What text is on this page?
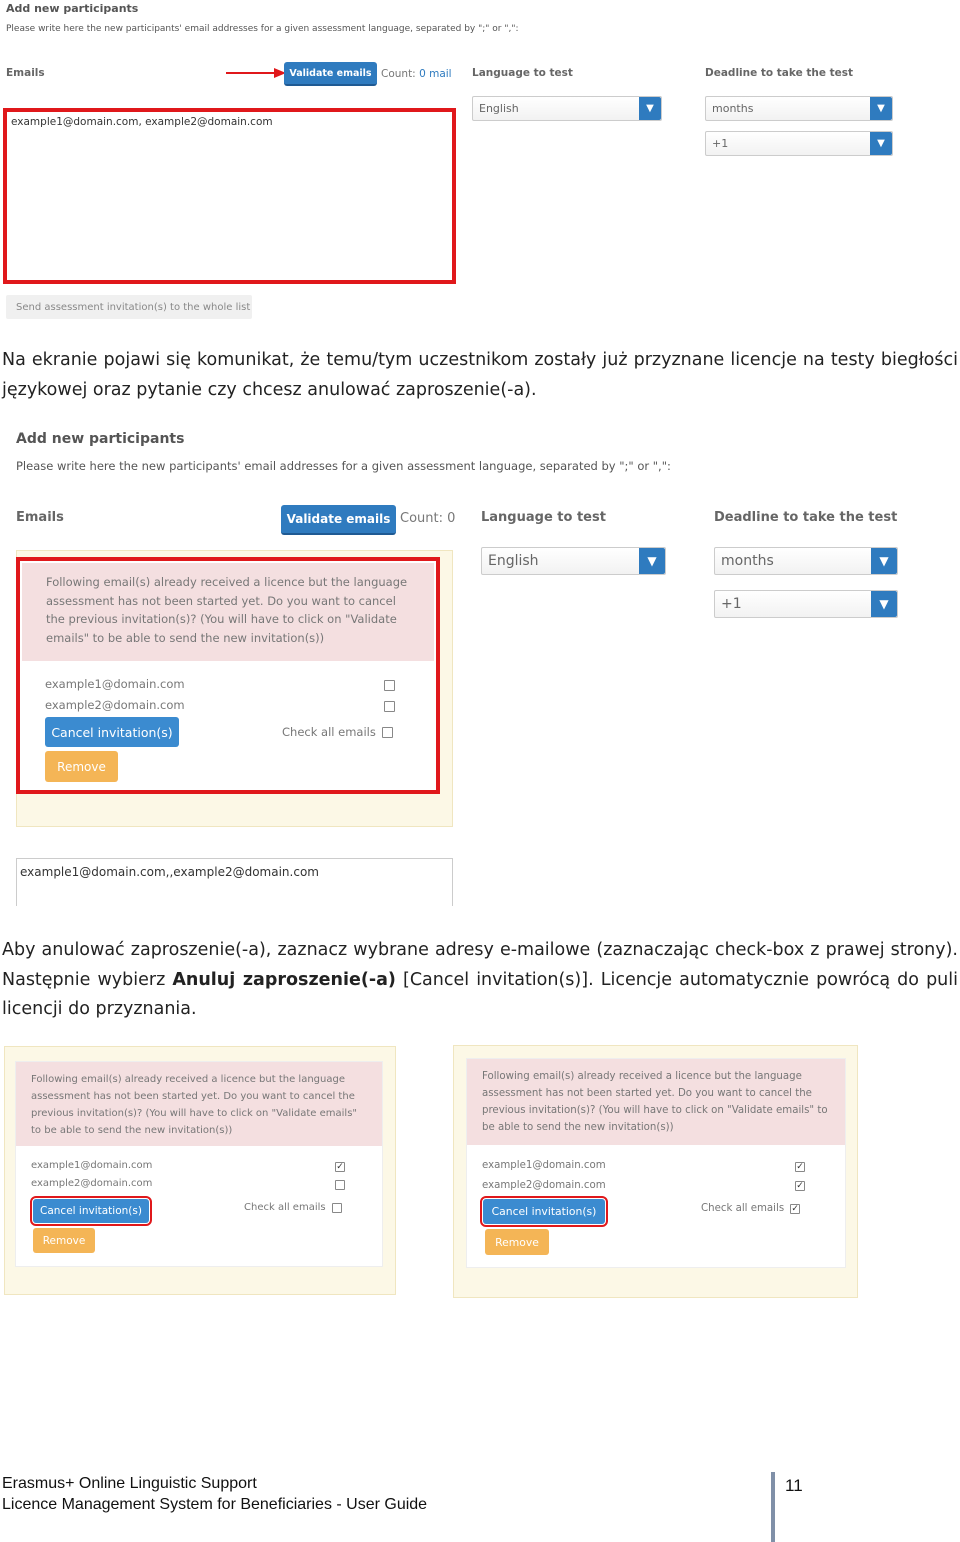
Add new participants
Please write here the new participants' email addresses for a given assessment language, separated by ";" or ",":
Emails	Validate emails Count: 0 mail Language to test
English	▼
Deadline to take the test
months	▼
+1	▼
example1@domain.com, example2@domain.com
Send assessment invitation(s) to the whole list
Na ekranie pojawi się komunikat, że temu/tym uczestnikom zostały już przyznane licencje na testy biegłości językowej oraz pytanie czy chcesz anulować zaproszenie(-a).
Add new participants
Please write here the new participants' email addresses for a given assessment language, separated by ";" or ",":
Emails	Validate emails Count: 0 Language to test
English	▼
Deadline to take the test
months	▼
+1	▼
Following email(s) already received a licence but the language assessment has not been started yet. Do you want to cancel the previous invitation(s)? (You will have to click on "Validate emails" to be able to send the new invitation(s))
example1@domain.com
example2@domain.com
Cancel invitation(s)	Check all emails
Remove
example1@domain.com,,example2@domain.com
Aby anulować zaproszenie(-a), zaznacz wybrane adresy e-mailowe (zaznaczając check-box z prawej strony). Następnie wybierz Anuluj zaproszenie(-a) [Cancel invitation(s)]. Licencje automatycznie powrócą do puli licencji do przyznania.
Following email(s) already received a licence but the language assessment has not been started yet. Do you want to cancel the previous invitation(s)? (You will have to click on "Validate emails" to be able to send the new invitation(s))
example1@domain.com	✓
example2@domain.com
Cancel invitation(s)	Check all emails
Remove
Following email(s) already received a licence but the language assessment has not been started yet. Do you want to cancel the previous invitation(s)? (You will have to click on "Validate emails" to be able to send the new invitation(s))
example1@domain.com	✓
example2@domain.com	✓
Cancel invitation(s)	Check all emails ✓
Remove
Erasmus+ Online Linguistic Support
Licence Management System for Beneficiaries - User Guide
11
